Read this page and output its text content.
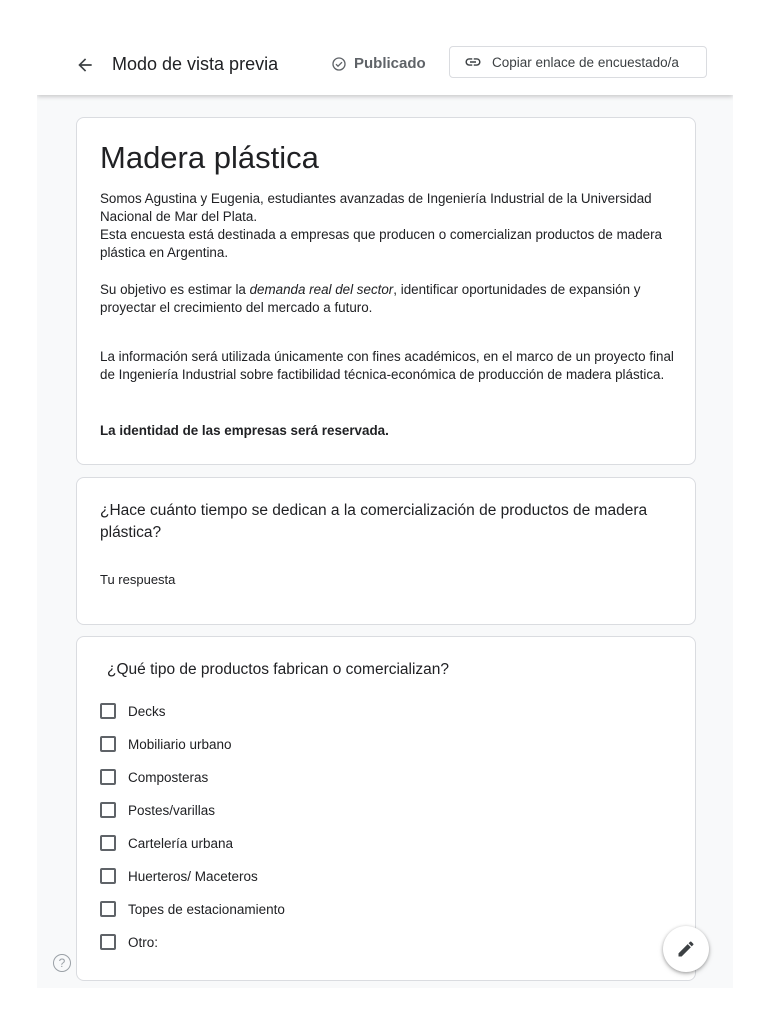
Modo de vista previa	Publicado	Copiar enlace de encuestado/a
Madera plástica

Somos Agustina y Eugenia, estudiantes avanzadas de Ingeniería Industrial de la Universidad Nacional de Mar del Plata.

Esta encuesta está destinada a empresas que producen o comercializan productos de madera plástica en Argentina.

Su objetivo es estimar la demanda real del sector, identificar oportunidades de expansión y proyectar el crecimiento del mercado a futuro.

La información será utilizada únicamente con fines académicos, en el marco de un proyecto final de Ingeniería Industrial sobre factibilidad técnica-económica de producción de madera plástica.

La identidad de las empresas será reservada.

¿Hace cuánto tiempo se dedican a la comercialización de productos de madera plástica?

Tu respuesta

¿Qué tipo de productos fabrican o comercializan?

Decks
Mobiliario urbano
Composteras
Postes/varillas
Cartelería urbana
Huerteros/ Maceteros
Topes de estacionamiento
Otro:
?
